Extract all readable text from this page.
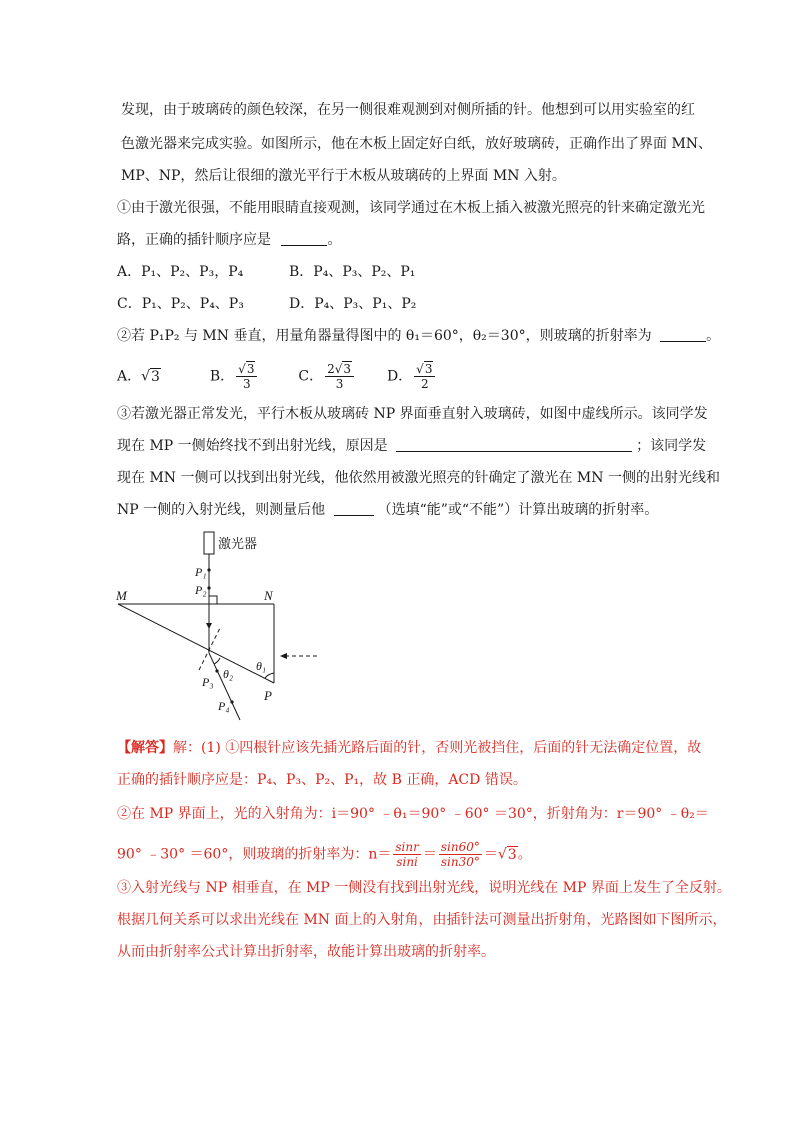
发现，由于玻璃砖的颜色较深，在另一侧很难观测到对侧所插的针。他想到可以用实验室的红
色激光器来完成实验。如图所示，他在木板上固定好白纸，放好玻璃砖，正确作出了界面 MN、
MP、NP，然后让很细的激光平行于木板从玻璃砖的上界面 MN 入射。
①由于激光很强，不能用眼睛直接观测，该同学通过在木板上插入被激光照亮的针来确定激光光
路，正确的插针顺序应是	。
A．P₁、P₂、P₃，P₄	B．P₄、P₃、P₂、P₁
C．P₁、P₂、P₄、P₃	D．P₄、P₃、P₁、P₂
②若 P₁P₂ 与 MN 垂直，用量角器量得图中的 θ₁＝60°，θ₂＝30°，则玻璃的折射率为	。
A．√3	B． $\frac{√3}{3}$	C． $\frac{2√3}{3}$ D． $\frac{√3}{2}$
③若激光器正常发光，平行木板从玻璃砖 NP 界面垂直射入玻璃砖，如图中虚线所示。该同学发
现在 MP 一侧始终找不到出射光线，原因是	；该同学发
现在 MN 一侧可以找到出射光线，他依然用被激光照亮的针确定了激光在 MN 一侧的出射光线和
NP 一侧的入射光线，则测量后他	（选填“能”或“不能”）计算出玻璃的折射率。
激光器
P₁
P₂
M	N
P
P₃
P₄
θ₂
θ₁
【解答】解：(1) ①四根针应该先插光路后面的针，否则光被挡住，后面的针无法确定位置，故
正确的插针顺序应是：P₄、P₃、P₂、P₁，故 B 正确，ACD 错误。
②在 MP 界面上，光的入射角为：i＝90° ﹣θ₁＝90° ﹣60° ＝30°，折射角为：r＝90° ﹣θ₂＝
90° ﹣30° ＝60°，则玻璃的折射率为：$n= \frac{\sin r}{\sin i} = \frac{\sin 60^\circ}{\sin 30^\circ} =√3$。
③入射光线与 NP 相垂直，在 MP 一侧没有找到出射光线，说明光线在 MP 界面上发生了全反射。
根据几何关系可以求出光线在 MN 面上的入射角，由插针法可测量出折射角，光路图如下图所示，
从而由折射率公式计算出折射率，故能计算出玻璃的折射率。
